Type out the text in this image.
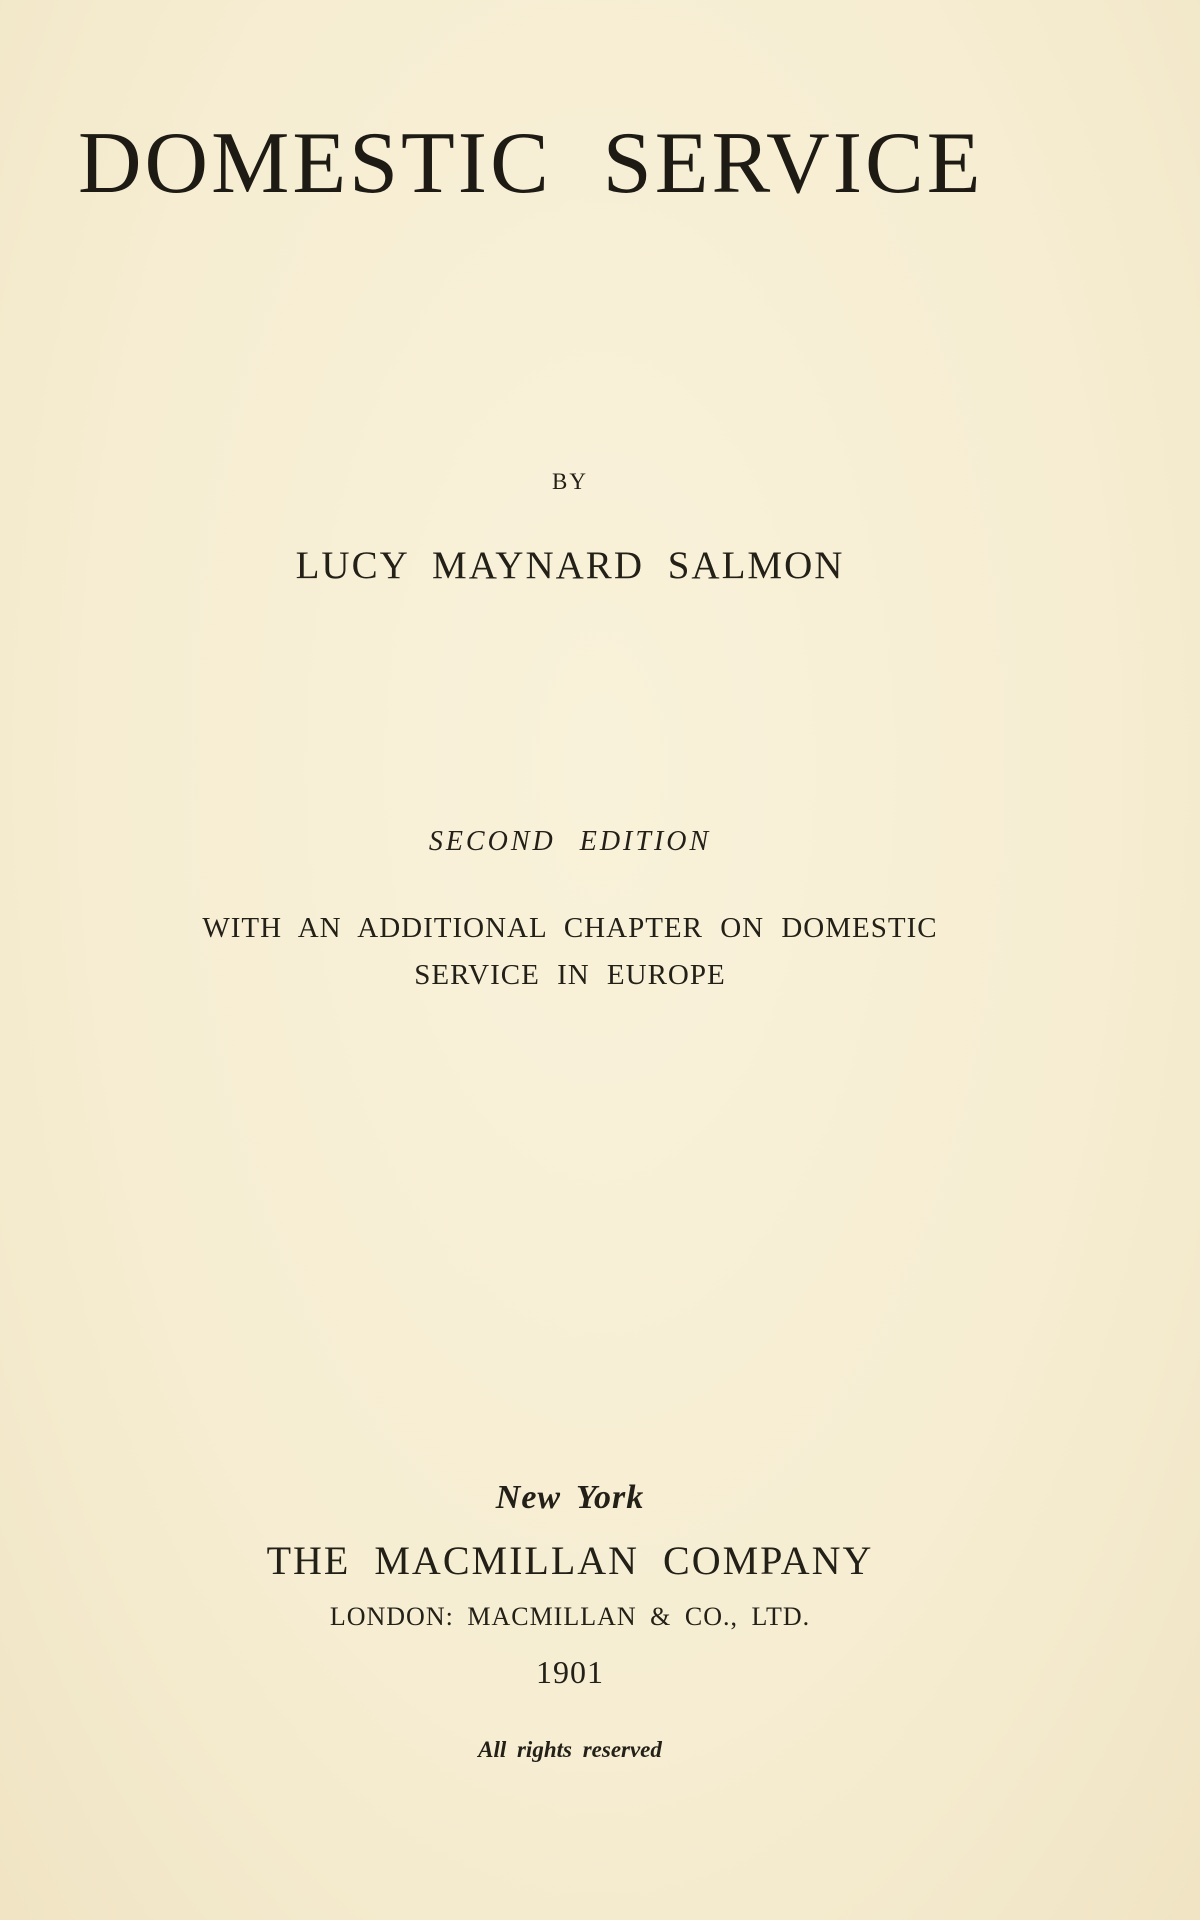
DOMESTIC SERVICE
BY
LUCY MAYNARD SALMON
SECOND EDITION
WITH AN ADDITIONAL CHAPTER ON DOMESTIC
SERVICE IN EUROPE
New York
THE MACMILLAN COMPANY
LONDON: MACMILLAN & CO., LTD.
1901
All rights reserved
